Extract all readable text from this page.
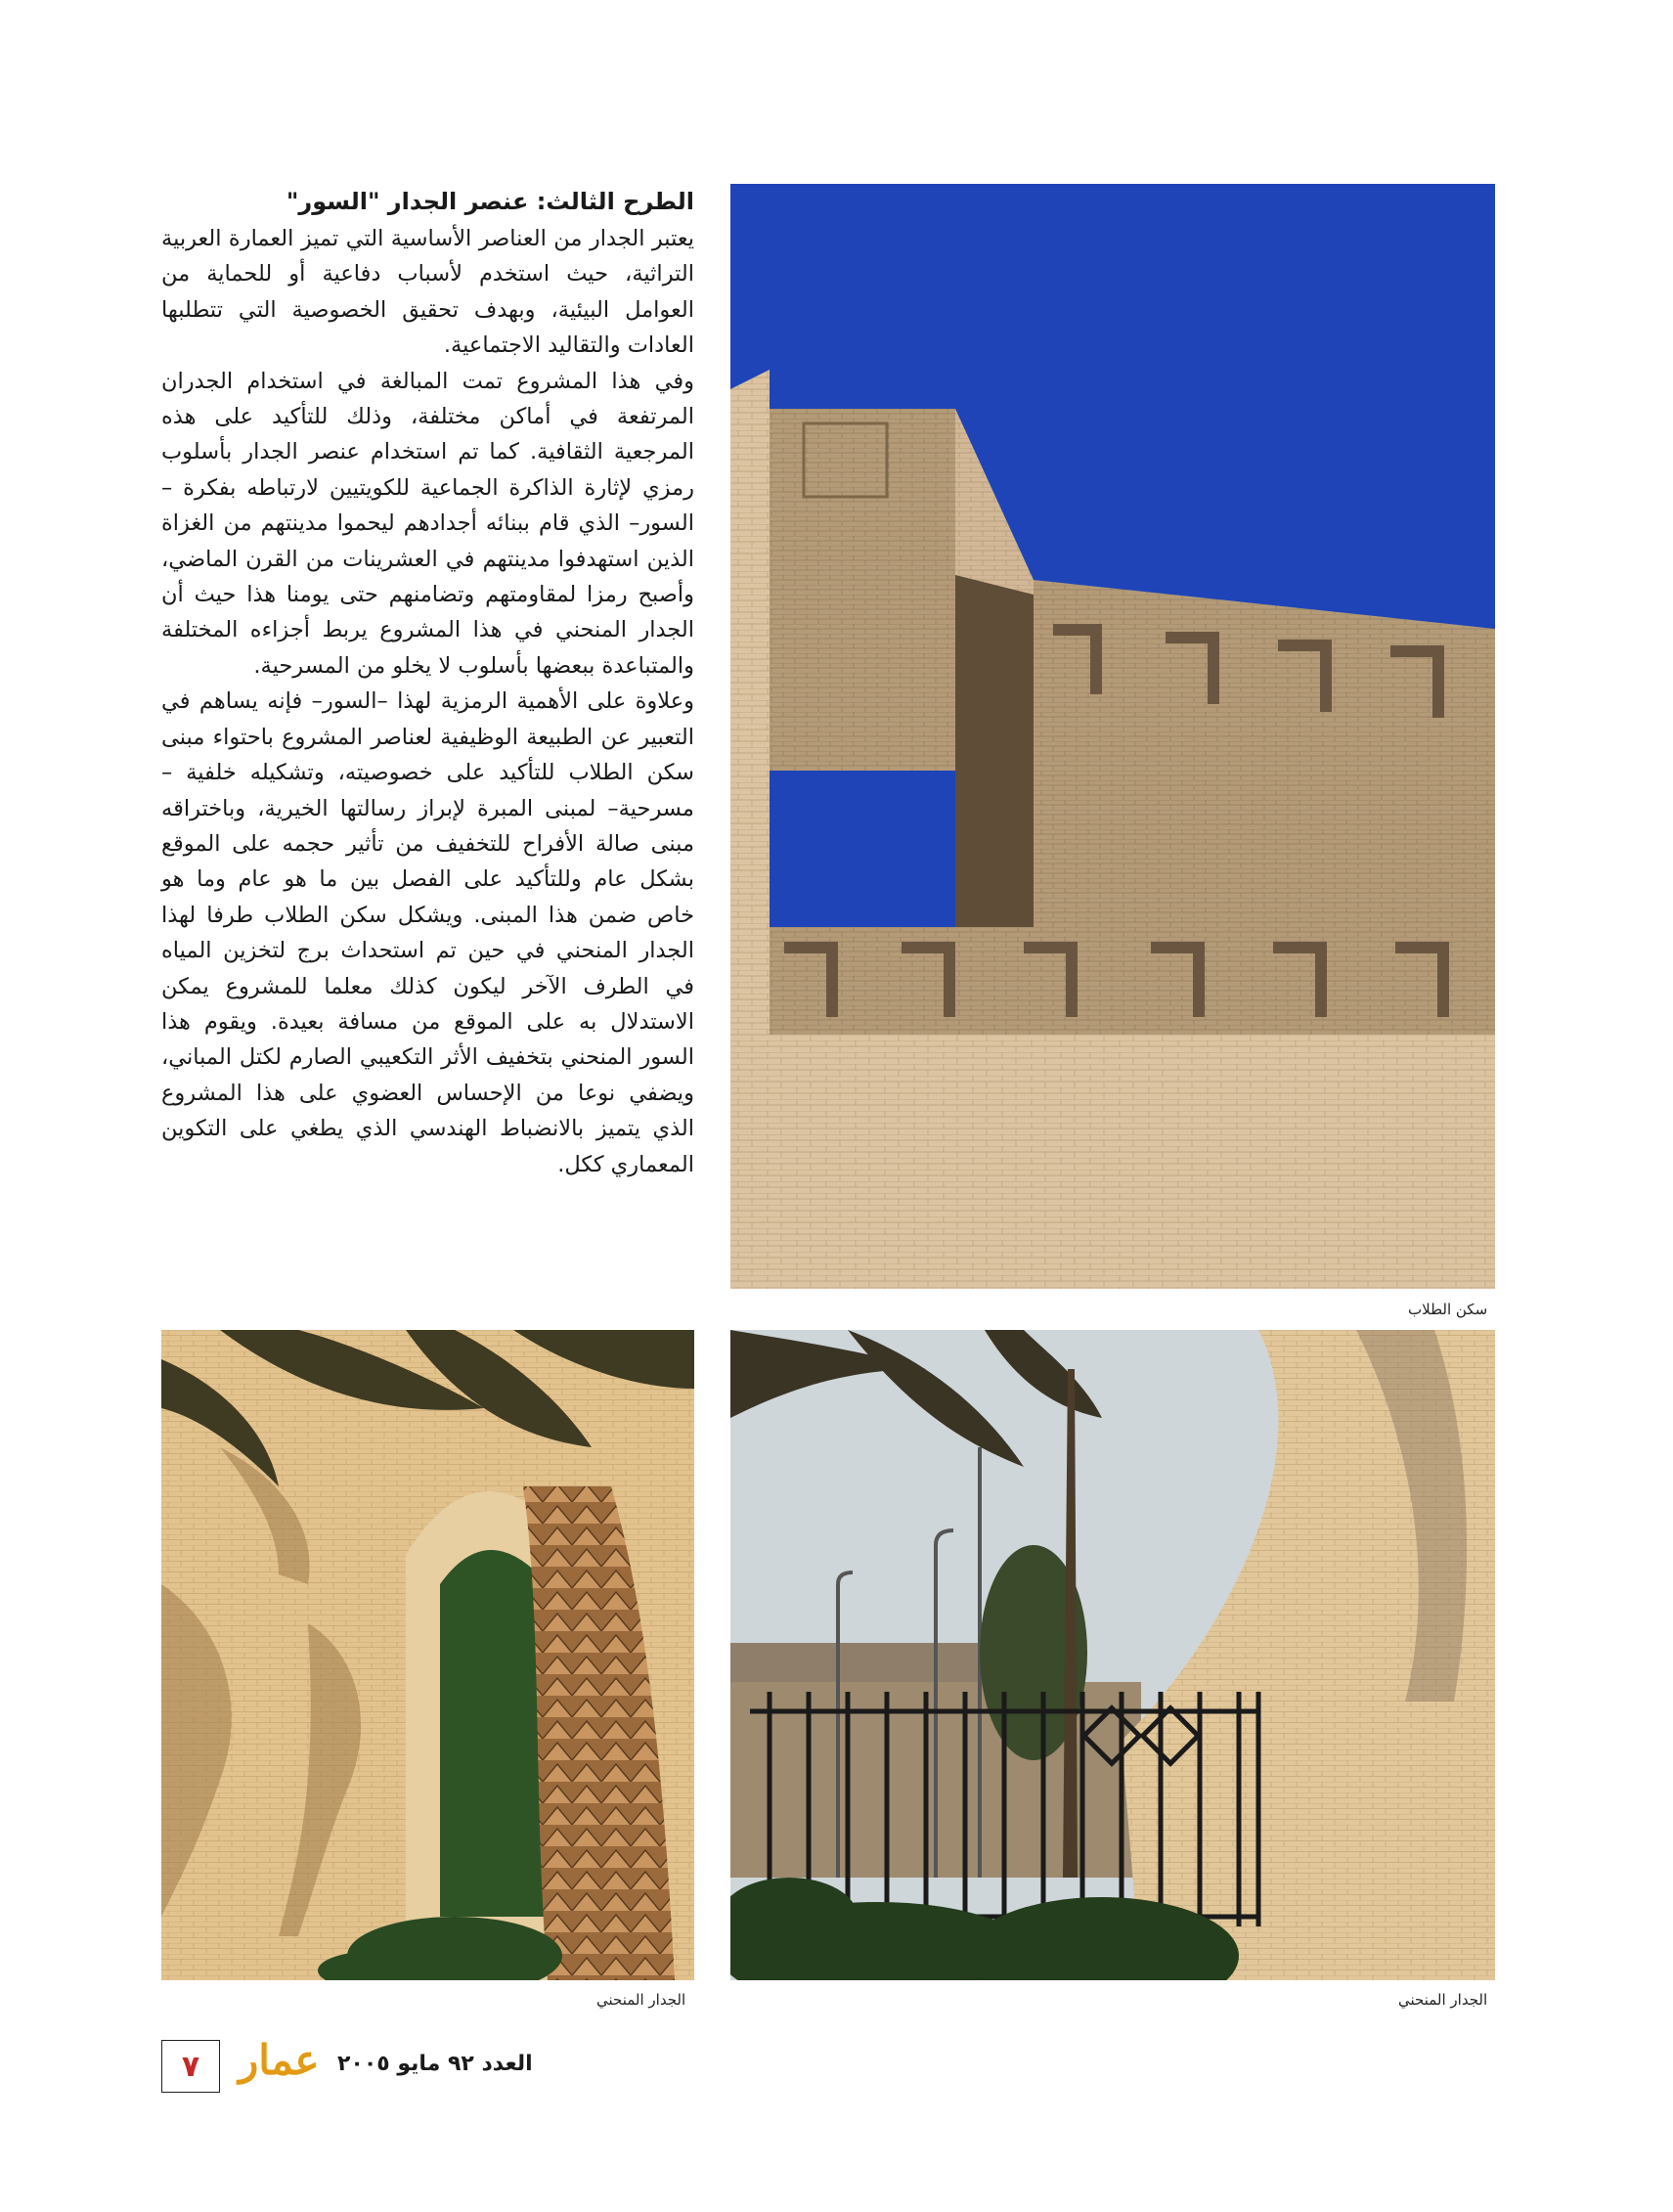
الطرح الثالث: عنصر الجدار "السور"

يعتبر الجدار من العناصر الأساسية التي تميز العمارة العربية التراثية، حيث استخدم لأسباب دفاعية أو للحماية من العوامل البيئية، وبهدف تحقيق الخصوصية التي تتطلبها العادات والتقاليد الاجتماعية.

وفي هذا المشروع تمت المبالغة في استخدام الجدران المرتفعة في أماكن مختلفة، وذلك للتأكيد على هذه المرجعية الثقافية. كما تم استخدام عنصر الجدار بأسلوب رمزي لإثارة الذاكرة الجماعية للكويتيين لارتباطه بفكرة –السور– الذي قام ببنائه أجدادهم ليحموا مدينتهم من الغزاة الذين استهدفوا مدينتهم في العشرينات من القرن الماضي، وأصبح رمزا لمقاومتهم وتضامنهم حتى يومنا هذا حيث أن الجدار المنحني في هذا المشروع يربط أجزاءه المختلفة والمتباعدة ببعضها بأسلوب لا يخلو من المسرحية.

وعلاوة على الأهمية الرمزية لهذا –السور– فإنه يساهم في التعبير عن الطبيعة الوظيفية لعناصر المشروع باحتواء مبنى سكن الطلاب للتأكيد على خصوصيته، وتشكيله خلفية –مسرحية– لمبنى المبرة لإبراز رسالتها الخيرية، وباختراقه مبنى صالة الأفراح للتخفيف من تأثير حجمه على الموقع بشكل عام وللتأكيد على الفصل بين ما هو عام وما هو خاص ضمن هذا المبنى. ويشكل سكن الطلاب طرفا لهذا الجدار المنحني في حين تم استحداث برج لتخزين المياه في الطرف الآخر ليكون كذلك معلما للمشروع يمكن الاستدلال به على الموقع من مسافة بعيدة. ويقوم هذا السور المنحني بتخفيف الأثر التكعيبي الصارم لكتل المباني، ويضفي نوعا من الإحساس العضوي على هذا المشروع الذي يتميز بالانضباط الهندسي الذي يطغي على التكوين المعماري ككل.

سكن الطلاب
الجدار المنحني	الجدار المنحني
٧ عمار العدد ٩٢ مايو ٢٠٠٥
